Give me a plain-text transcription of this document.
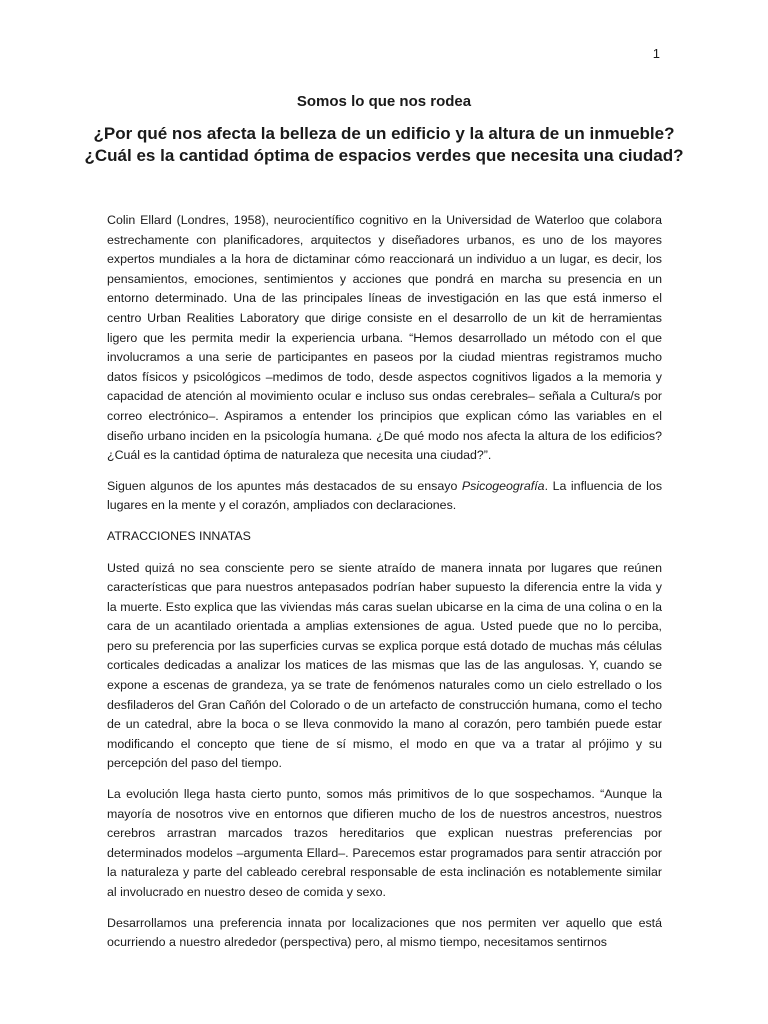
1
Somos lo que nos rodea
¿Por qué nos afecta la belleza de un edificio y la altura de un inmueble?
¿Cuál es la cantidad óptima de espacios verdes que necesita una ciudad?

Colin Ellard (Londres, 1958), neurocientífico cognitivo en la Universidad de Waterloo que colabora estrechamente con planificadores, arquitectos y diseñadores urbanos, es uno de los mayores expertos mundiales a la hora de dictaminar cómo reaccionará un individuo a un lugar, es decir, los pensamientos, emociones, sentimientos y acciones que pondrá en marcha su presencia en un entorno determinado. Una de las principales líneas de investigación en las que está inmerso el centro Urban Realities Laboratory que dirige consiste en el desarrollo de un kit de herramientas ligero que les permita medir la experiencia urbana. “Hemos desarrollado un método con el que involucramos a una serie de participantes en paseos por la ciudad mientras registramos mucho datos físicos y psicológicos –medimos de todo, desde aspectos cognitivos ligados a la memoria y capacidad de atención al movimiento ocular e incluso sus ondas cerebrales– señala a Cultura/s por correo electrónico–. Aspiramos a entender los principios que explican cómo las variables en el diseño urbano inciden en la psicología humana. ¿De qué modo nos afecta la altura de los edificios? ¿Cuál es la cantidad óptima de naturaleza que necesita una ciudad?”.

Siguen algunos de los apuntes más destacados de su ensayo Psicogeografía. La influencia de los lugares en la mente y el corazón, ampliados con declaraciones.

ATRACCIONES INNATAS

Usted quizá no sea consciente pero se siente atraído de manera innata por lugares que reúnen características que para nuestros antepasados podrían haber supuesto la diferencia entre la vida y la muerte. Esto explica que las viviendas más caras suelan ubicarse en la cima de una colina o en la cara de un acantilado orientada a amplias extensiones de agua. Usted puede que no lo perciba, pero su preferencia por las superficies curvas se explica porque está dotado de muchas más células corticales dedicadas a analizar los matices de las mismas que las de las angulosas. Y, cuando se expone a escenas de grandeza, ya se trate de fenómenos naturales como un cielo estrellado o los desfiladeros del Gran Cañón del Colorado o de un artefacto de construcción humana, como el techo de un catedral, abre la boca o se lleva conmovido la mano al corazón, pero también puede estar modificando el concepto que tiene de sí mismo, el modo en que va a tratar al prójimo y su percepción del paso del tiempo.

La evolución llega hasta cierto punto, somos más primitivos de lo que sospechamos. “Aunque la mayoría de nosotros vive en entornos que difieren mucho de los de nuestros ancestros, nuestros cerebros arrastran marcados trazos hereditarios que explican nuestras preferencias por determinados modelos –argumenta Ellard–. Parecemos estar programados para sentir atracción por la naturaleza y parte del cableado cerebral responsable de esta inclinación es notablemente similar al involucrado en nuestro deseo de comida y sexo.

Desarrollamos una preferencia innata por localizaciones que nos permiten ver aquello que está ocurriendo a nuestro alrededor (perspectiva) pero, al mismo tiempo, necesitamos sentirnos
